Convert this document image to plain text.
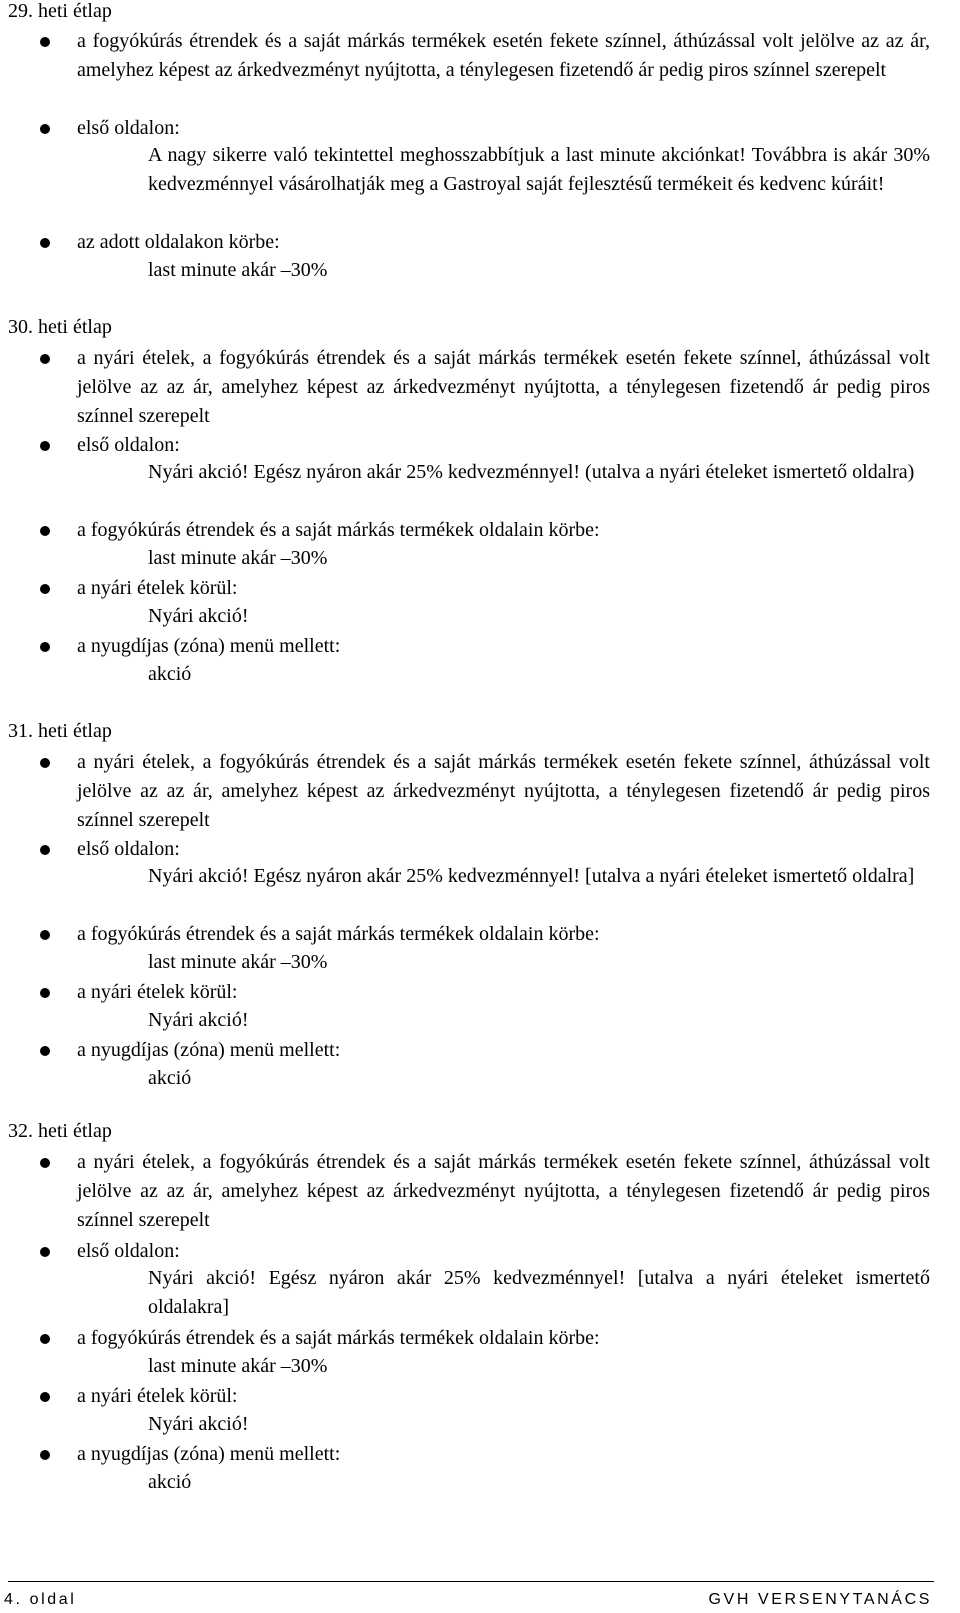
29. heti étlap

a fogyókúrás étrendek és a saját márkás termékek esetén fekete színnel, áthúzással volt jelölve az az ár, amelyhez képest az árkedvezményt nyújtotta, a ténylegesen fizetendő ár pedig piros színnel szerepelt

első oldalon:

A nagy sikerre való tekintettel meghosszabbítjuk a last minute akciónkat! Továbbra is akár 30% kedvezménnyel vásárolhatják meg a Gastroyal saját fejlesztésű termékeit és kedvenc kúráit!

az adott oldalakon körbe:
last minute akár –30%
30. heti étlap

a nyári ételek, a fogyókúrás étrendek és a saját márkás termékek esetén fekete színnel, áthúzással volt jelölve az az ár, amelyhez képest az árkedvezményt nyújtotta, a ténylegesen fizetendő ár pedig piros színnel szerepelt

első oldalon:

Nyári akció! Egész nyáron akár 25% kedvezménnyel! (utalva a nyári ételeket ismertető oldalra)

a fogyókúrás étrendek és a saját márkás termékek oldalain körbe:
last minute akár –30%
a nyári ételek körül:
Nyári akció!
a nyugdíjas (zóna) menü mellett:
akció
31. heti étlap

a nyári ételek, a fogyókúrás étrendek és a saját márkás termékek esetén fekete színnel, áthúzással volt jelölve az az ár, amelyhez képest az árkedvezményt nyújtotta, a ténylegesen fizetendő ár pedig piros színnel szerepelt

első oldalon:

Nyári akció! Egész nyáron akár 25% kedvezménnyel! [utalva a nyári ételeket ismertető oldalra]

a fogyókúrás étrendek és a saját márkás termékek oldalain körbe:
last minute akár –30%
a nyári ételek körül:
Nyári akció!
a nyugdíjas (zóna) menü mellett:
akció
32. heti étlap

a nyári ételek, a fogyókúrás étrendek és a saját márkás termékek esetén fekete színnel, áthúzással volt jelölve az az ár, amelyhez képest az árkedvezményt nyújtotta, a ténylegesen fizetendő ár pedig piros színnel szerepelt

első oldalon:

Nyári akció! Egész nyáron akár 25% kedvezménnyel! [utalva a nyári ételeket ismertető oldalakra]

a fogyókúrás étrendek és a saját márkás termékek oldalain körbe:
last minute akár –30%
a nyári ételek körül:
Nyári akció!
a nyugdíjas (zóna) menü mellett:
akció
4. oldal	GVH VERSENYTANÁCS
